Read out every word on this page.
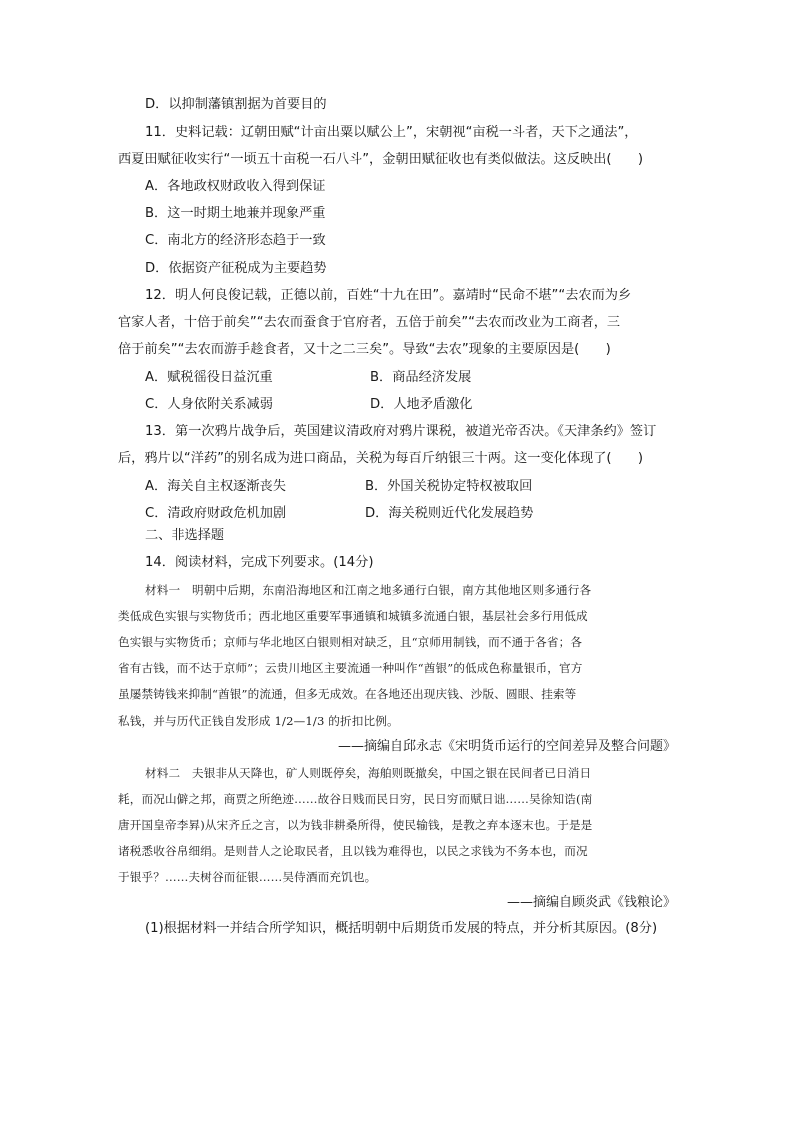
D．以抑制藩镇割据为首要目的
11．史料记载：辽朝田赋“计亩出粟以赋公上”，宋朝视“亩税一斗者，天下之通法”，
西夏田赋征收实行“一顷五十亩税一石八斗”，金朝田赋征收也有类似做法。这反映出(　　)
A．各地政权财政收入得到保证
B．这一时期土地兼并现象严重
C．南北方的经济形态趋于一致
D．依据资产征税成为主要趋势
12．明人何良俊记载，正德以前，百姓“十九在田”。嘉靖时“民命不堪”“去农而为乡
官家人者，十倍于前矣”“去农而蚕食于官府者，五倍于前矣”“去农而改业为工商者，三
倍于前矣”“去农而游手趁食者，又十之二三矣”。导致“去农”现象的主要原因是(　　)
A．赋税徭役日益沉重	B．商品经济发展
C．人身依附关系减弱	D．人地矛盾激化
13．第一次鸦片战争后，英国建议清政府对鸦片课税，被道光帝否决。《天津条约》签订
后，鸦片以“洋药”的别名成为进口商品，关税为每百斤纳银三十两。这一变化体现了(　　)
A．海关自主权逐渐丧失	B．外国关税协定特权被取回
C．清政府财政危机加剧	D．海关税则近代化发展趋势
二、非选择题
14．阅读材料，完成下列要求。(14分)
材料一　明朝中后期，东南沿海地区和江南之地多通行白银，南方其他地区则多通行各
类低成色实银与实物货币；西北地区重要军事通镇和城镇多流通白银，基层社会多行用低成
色实银与实物货币；京师与华北地区白银则相对缺乏，且“京师用制钱，而不通于各省；各
省有古钱，而不达于京师”；云贵川地区主要流通一种叫作“酋银”的低成色称量银币，官方
虽屡禁铸钱来抑制“酋银”的流通，但多无成效。在各地还出现庆钱、沙版、圆眼、挂索等
私钱，并与历代正钱自发形成 1/2—1/3 的折扣比例。
——摘编自邱永志《宋明货币运行的空间差异及整合问题》
材料二　夫银非从天降也，矿人则既停矣，海舶则既撤矣，中国之银在民间者已日消日
耗，而况山僻之邦，商贾之所绝迹……故谷日贱而民日穷，民日穷而赋日诎……吴徐知诰(南
唐开国皇帝李昪)从宋齐丘之言，以为钱非耕桑所得，使民输钱，是教之弃本逐末也。于是是
诸税悉收谷帛细绢。是则昔人之论取民者，且以钱为难得也，以民之求钱为不务本也，而况
于银乎？……夫树谷而征银……吴侍酒而充饥也。
——摘编自顾炎武《钱粮论》
(1)根据材料一并结合所学知识，概括明朝中后期货币发展的特点，并分析其原因。(8分)
